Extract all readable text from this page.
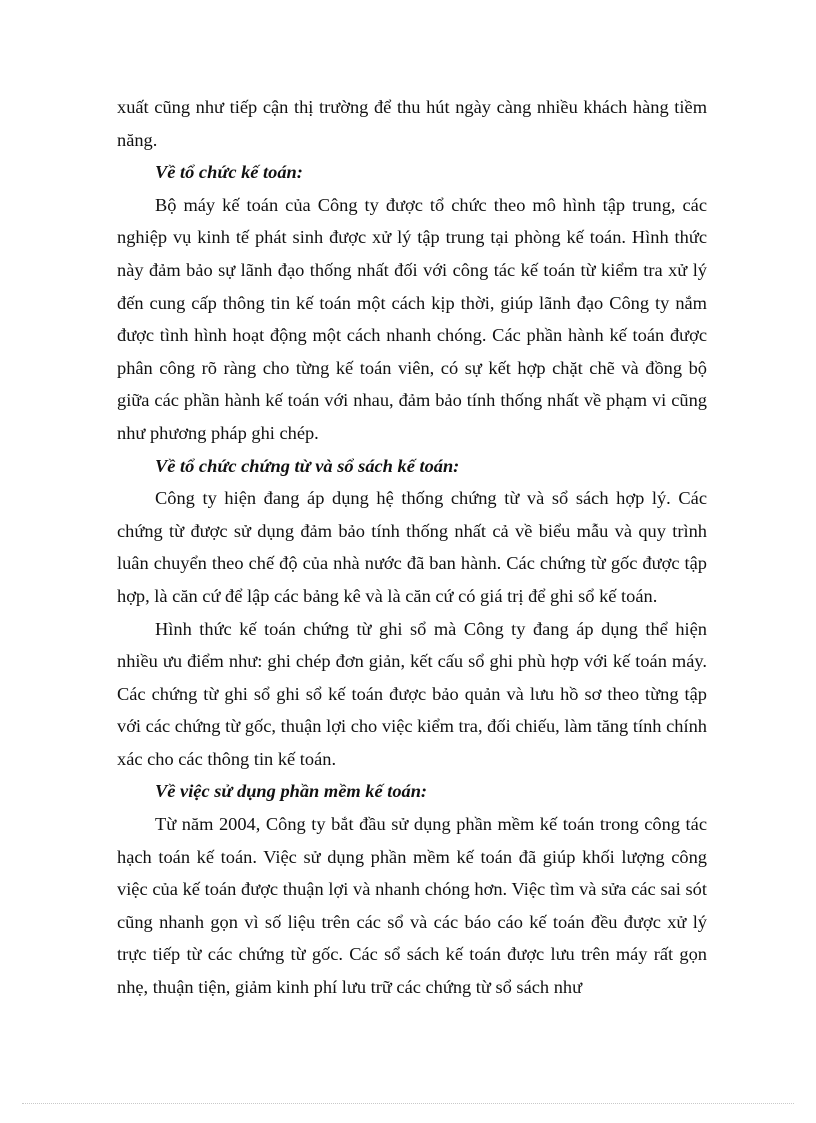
xuất cũng như tiếp cận thị trường để thu hút ngày càng nhiều khách hàng tiềm năng.

Về tổ chức kế toán:

Bộ máy kế toán của Công ty được tổ chức theo mô hình tập trung, các nghiệp vụ kinh tế phát sinh được xử lý tập trung tại phòng kế toán. Hình thức này đảm bảo sự lãnh đạo thống nhất đối với công tác kế toán từ kiểm tra xử lý đến cung cấp thông tin kế toán một cách kịp thời, giúp lãnh đạo Công ty nắm được tình hình hoạt động một cách nhanh chóng. Các phần hành kế toán được phân công rõ ràng cho từng kế toán viên, có sự kết hợp chặt chẽ và đồng bộ giữa các phần hành kế toán với nhau, đảm bảo tính thống nhất về phạm vi cũng như phương pháp ghi chép.

Về tổ chức chứng từ và sổ sách kế toán:

Công ty hiện đang áp dụng hệ thống chứng từ và sổ sách hợp lý. Các chứng từ được sử dụng đảm bảo tính thống nhất cả về biểu mẫu và quy trình luân chuyển theo chế độ của nhà nước đã ban hành. Các chứng từ gốc được tập hợp, là căn cứ để lập các bảng kê và là căn cứ có giá trị để ghi sổ kế toán.

Hình thức kế toán chứng từ ghi sổ mà Công ty đang áp dụng thể hiện nhiều ưu điểm như: ghi chép đơn giản, kết cấu sổ ghi phù hợp với kế toán máy. Các chứng từ ghi sổ ghi sổ kế toán được bảo quản và lưu hồ sơ theo từng tập với các chứng từ gốc, thuận lợi cho việc kiểm tra, đối chiếu, làm tăng tính chính xác cho các thông tin kế toán.

Về việc sử dụng phần mềm kế toán:

Từ năm 2004, Công ty bắt đầu sử dụng phần mềm kế toán trong công tác hạch toán kế toán. Việc sử dụng phần mềm kế toán đã giúp khối lượng công việc của kế toán được thuận lợi và nhanh chóng hơn. Việc tìm và sửa các sai sót cũng nhanh gọn vì số liệu trên các sổ và các báo cáo kế toán đều được xử lý trực tiếp từ các chứng từ gốc. Các sổ sách kế toán được lưu trên máy rất gọn nhẹ, thuận tiện, giảm kinh phí lưu trữ các chứng từ sổ sách như
